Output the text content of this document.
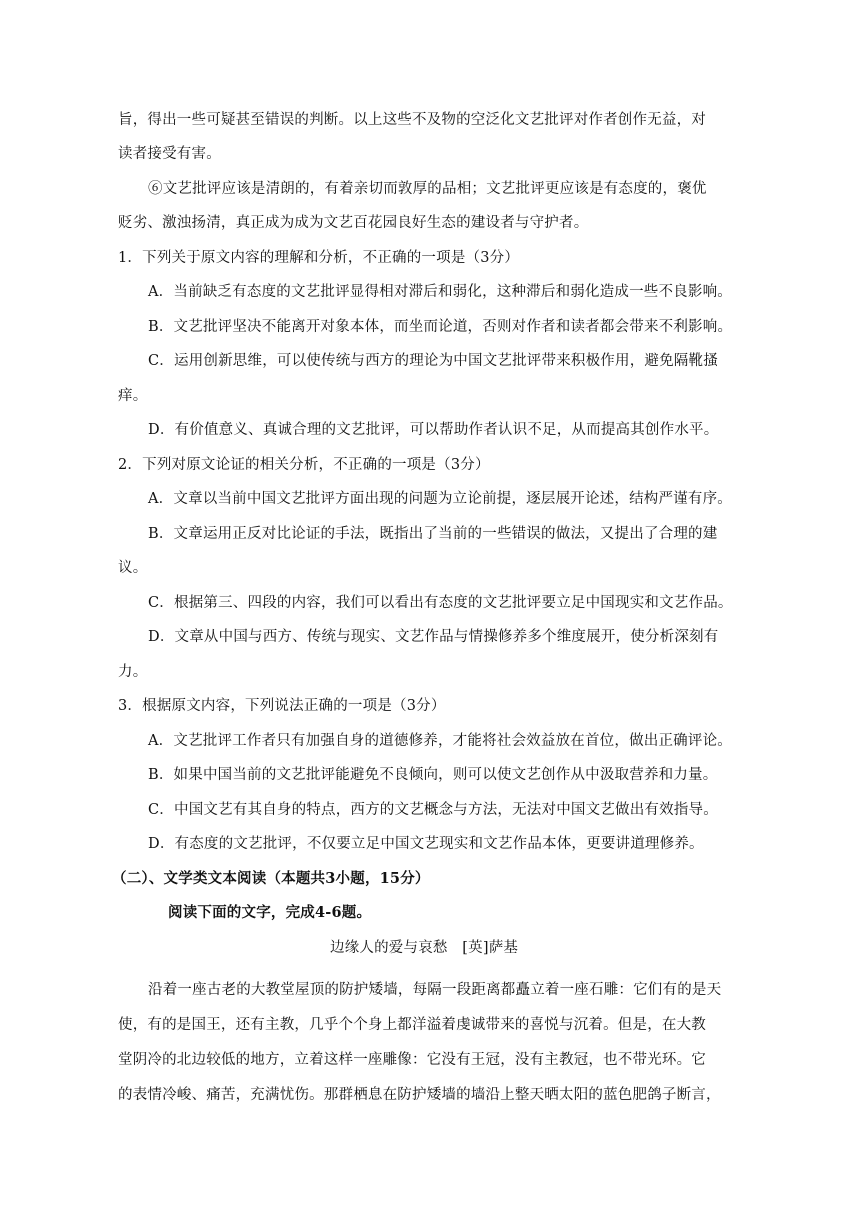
旨，得出一些可疑甚至错误的判断。以上这些不及物的空泛化文艺批评对作者创作无益，对
读者接受有害。
⑥文艺批评应该是清朗的，有着亲切而敦厚的品相；文艺批评更应该是有态度的，褒优
贬劣、激浊扬清，真正成为成为文艺百花园良好生态的建设者与守护者。
1．下列关于原文内容的理解和分析，不正确的一项是（3分）
A．当前缺乏有态度的文艺批评显得相对滞后和弱化，这种滞后和弱化造成一些不良影响。
B．文艺批评坚决不能离开对象本体，而坐而论道，否则对作者和读者都会带来不利影响。
C．运用创新思维，可以使传统与西方的理论为中国文艺批评带来积极作用，避免隔靴搔
痒。
D．有价值意义、真诚合理的文艺批评，可以帮助作者认识不足，从而提高其创作水平。
2．下列对原文论证的相关分析，不正确的一项是（3分）
A．文章以当前中国文艺批评方面出现的问题为立论前提，逐层展开论述，结构严谨有序。
B．文章运用正反对比论证的手法，既指出了当前的一些错误的做法，又提出了合理的建
议。
C．根据第三、四段的内容，我们可以看出有态度的文艺批评要立足中国现实和文艺作品。
D．文章从中国与西方、传统与现实、文艺作品与情操修养多个维度展开，使分析深刻有
力。
3．根据原文内容，下列说法正确的一项是（3分）
A．文艺批评工作者只有加强自身的道德修养，才能将社会效益放在首位，做出正确评论。
B．如果中国当前的文艺批评能避免不良倾向，则可以使文艺创作从中汲取营养和力量。
C．中国文艺有其自身的特点，西方的文艺概念与方法，无法对中国文艺做出有效指导。
D．有态度的文艺批评，不仅要立足中国文艺现实和文艺作品本体，更要讲道理修养。
（二）、文学类文本阅读（本题共3小题，15分）
阅读下面的文字，完成4-6题。
边缘人的爱与哀愁　[英]萨基
沿着一座古老的大教堂屋顶的防护矮墙，每隔一段距离都矗立着一座石雕：它们有的是天
使，有的是国王，还有主教，几乎个个身上都洋溢着虔诚带来的喜悦与沉着。但是，在大教
堂阴冷的北边较低的地方，立着这样一座雕像：它没有王冠，没有主教冠，也不带光环。它
的表情冷峻、痛苦，充满忧伤。那群栖息在防护矮墙的墙沿上整天晒太阳的蓝色肥鸽子断言，
